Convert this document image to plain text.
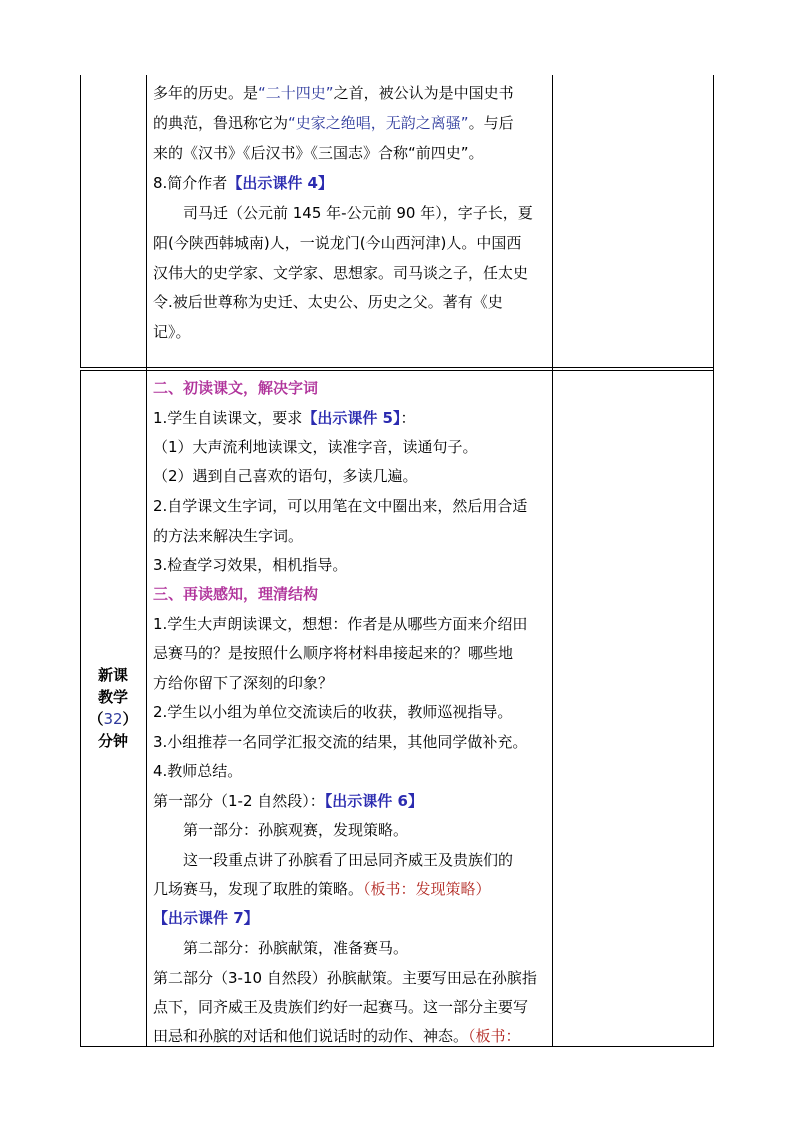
多年的历史。是“二十四史”之首，被公认为是中国史书
的典范，鲁迅称它为“史家之绝唱，无韵之离骚”。与后
来的《汉书》《后汉书》《三国志》合称“前四史”。
8.简介作者【出示课件 4】
司马迁（公元前 145 年-公元前 90 年），字子长，夏
阳(今陕西韩城南)人，一说龙门(今山西河津)人。中国西
汉伟大的史学家、文学家、思想家。司马谈之子，任太史
令.被后世尊称为史迁、太史公、历史之父。著有《史
记》。
新课
教学
（32）
分钟
二、初读课文，解决字词
1.学生自读课文，要求【出示课件 5】：
（1）大声流利地读课文，读准字音，读通句子。
（2）遇到自己喜欢的语句，多读几遍。
2.自学课文生字词，可以用笔在文中圈出来，然后用合适
的方法来解决生字词。
3.检查学习效果，相机指导。
三、再读感知，理清结构
1.学生大声朗读课文，想想：作者是从哪些方面来介绍田
忌赛马的？是按照什么顺序将材料串接起来的？哪些地
方给你留下了深刻的印象？
2.学生以小组为单位交流读后的收获，教师巡视指导。
3.小组推荐一名同学汇报交流的结果，其他同学做补充。
4.教师总结。
第一部分（1-2 自然段）：【出示课件 6】
第一部分：孙膑观赛，发现策略。
这一段重点讲了孙膑看了田忌同齐威王及贵族们的
几场赛马，发现了取胜的策略。（板书：发现策略）
【出示课件 7】
第二部分：孙膑献策，准备赛马。
第二部分（3-10 自然段）孙膑献策。主要写田忌在孙膑指
点下，同齐威王及贵族们约好一起赛马。这一部分主要写
田忌和孙膑的对话和他们说话时的动作、神态。（板书：
